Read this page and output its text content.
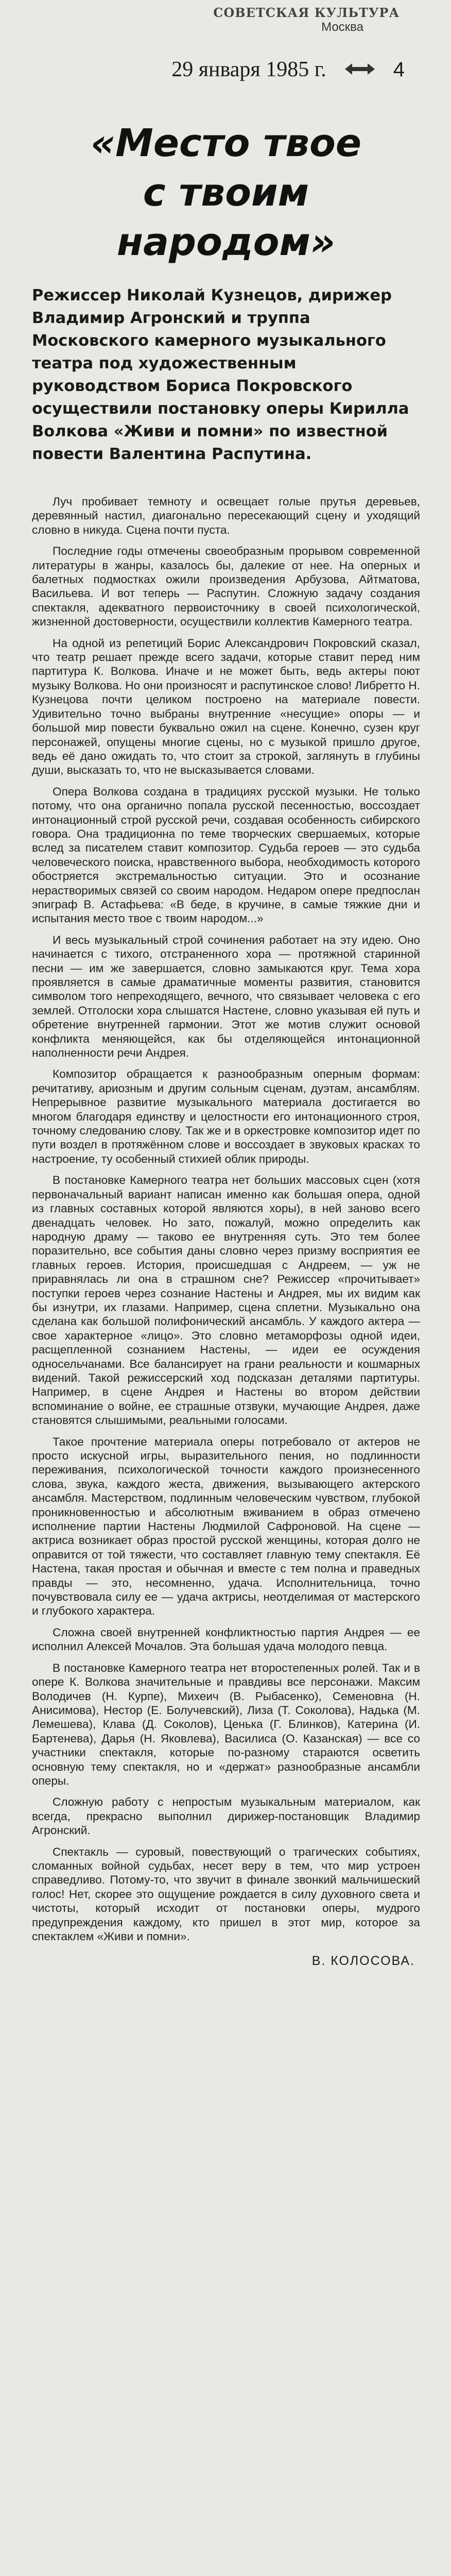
СОВЕТСКАЯ КУЛЬТУРА
Москва
29 января 1985 г.	4
«Место твое
с твоим народом»

Режиссер Николай Кузнецов, дирижер Владимир Агронский и труппа Московского камерного музыкального театра под художественным руководством Бориса Покровского осуществили постановку оперы Кирилла Волкова «Живи и помни» по известной повести Валентина Распутина.

Луч пробивает темноту и освещает голые прутья деревьев, деревянный настил, диагонально пересекающий сцену и уходящий словно в никуда. Сцена почти пуста.

Последние годы отмечены своеобразным прорывом современной литературы в жанры, казалось бы, далекие от нее. На оперных и балетных подмостках ожили произведения Арбузова, Айтматова, Васильева. И вот теперь — Распутин. Сложную задачу создания спектакля, адекватного первоисточнику в своей психологической, жизненной достоверности, осуществили коллектив Камерного театра.

На одной из репетиций Борис Александрович Покровский сказал, что театр решает прежде всего задачи, которые ставит перед ним партитура К. Волкова. Иначе и не может быть, ведь актеры поют музыку Волкова. Но они произносят и распутинское слово! Либретто Н. Кузнецова почти целиком построено на материале повести. Удивительно точно выбраны внутренние «несущие» опоры — и большой мир повести буквально ожил на сцене. Конечно, сузен круг персонажей, опущены многие сцены, но с музыкой пришло другое, ведь её дано ожидать то, что стоит за строкой, заглянуть в глубины души, высказать то, что не высказывается словами.

Опера Волкова создана в традициях русской музыки. Не только потому, что она органично попала русской песенностью, воссоздает интонационный строй русской речи, создавая особенность сибирского говора. Она традиционна по теме творческих свершаемых, которые вслед за писателем ставит композитор. Судьба героев — это судьба человеческого поиска, нравственного выбора, необходимость которого обостряется экстремальностью ситуации. Это и осознание нерастворимых связей со своим народом. Недаром опере предпослан эпиграф В. Астафьева: «В беде, в кручине, в самые тяжкие дни и испытания место твое с твоим народом...»

И весь музыкальный строй сочинения работает на эту идею. Оно начинается с тихого, отстраненного хора — протяжной старинной песни — им же завершается, словно замыкаются круг. Тема хора проявляется в самые драматичные моменты развития, становится символом того непреходящего, вечного, что связывает человека с его землей. Отголоски хора слышатся Настене, словно указывая ей путь и обретение внутренней гармонии. Этот же мотив служит основой конфликта меняющейся, как бы отделяющейся интонационной наполненности речи Андрея.

Композитор обращается к разнообразным оперным формам: речитативу, ариозным и другим сольным сценам, дуэтам, ансамблям. Непрерывное развитие музыкального материала достигается во многом благодаря единству и целостности его интонационного строя, точному следованию слову. Так же и в оркестровке композитор идет по пути воздел в протяжённом слове и воссоздает в звуковых красках то настроение, ту особенный стихией облик природы.

В постановке Камерного театра нет больших массовых сцен (хотя первоначальный вариант написан именно как большая опера, одной из главных составных которой являются хоры), в ней заново всего двенадцать человек. Но зато, пожалуй, можно определить как народную драму — таково ее внутренняя суть. Это тем более поразительно, все события даны словно через призму восприятия ее главных героев. История, происшедшая с Андреем, — уж не приравнялась ли она в страшном сне? Режиссер «прочитывает» поступки героев через сознание Настены и Андрея, мы их видим как бы изнутри, их глазами. Например, сцена сплетни. Музыкально она сделана как большой полифонический ансамбль. У каждого актера — свое характерное «лицо». Это словно метаморфозы одной идеи, расщепленной сознанием Настены, — идеи ее осуждения односельчанами. Все балансирует на грани реальности и кошмарных видений. Такой режиссерский ход подсказан деталями партитуры. Например, в сцене Андрея и Настены во втором действии вспоминание о войне, ее страшные отзвуки, мучающие Андрея, даже становятся слышимыми, реальными голосами.

Такое прочтение материала оперы потребовало от актеров не просто искусной игры, выразительного пения, но подлинности переживания, психологической точности каждого произнесенного слова, звука, каждого жеста, движения, вызывающего актерского ансамбля. Мастерством, подлинным человеческим чувством, глубокой проникновенностью и абсолютным вживанием в образ отмечено исполнение партии Настены Людмилой Сафроновой. На сцене — актриса возникает образ простой русской женщины, которая долго не оправится от той тяжести, что составляет главную тему спектакля. Её Настена, такая простая и обычная и вместе с тем полна и праведных правды — это, несомненно, удача. Исполнительница, точно почувствовала силу ее — удача актрисы, неотделимая от мастерского и глубокого характера.

Сложна своей внутренней конфликтностью партия Андрея — ее исполнил Алексей Мочалов. Эта большая удача молодого певца.

В постановке Камерного театра нет второстепенных ролей. Так и в опере К. Волкова значительные и правдивы все персонажи. Максим Володичев (Н. Курпе), Михеич (В. Рыбасенко), Семеновна (Н. Анисимова), Нестор (Е. Болучевский), Лиза (Т. Соколова), Надька (М. Лемешева), Клава (Д. Соколов), Ценька (Г. Блинков), Катерина (И. Бартенева), Дарья (Н. Яковлева), Василиса (О. Казанская) — все со участники спектакля, которые по-разному стараются осветить основную тему спектакля, но и «держат» разнообразные ансамбли оперы.

Сложную работу с непростым музыкальным материалом, как всегда, прекрасно выполнил дирижер-постановщик Владимир Агронский.

Спектакль — суровый, повествующий о трагических событиях, сломанных войной судьбах, несет веру в тем, что мир устроен справедливо. Потому-то, что звучит в финале звонкий мальчишеский голос! Нет, скорее это ощущение рождается в силу духовного света и чистоты, который исходит от постановки оперы, мудрого предупреждения каждому, кто пришел в этот мир, которое за спектаклем «Живи и помни».

В. КОЛОСОВА.
